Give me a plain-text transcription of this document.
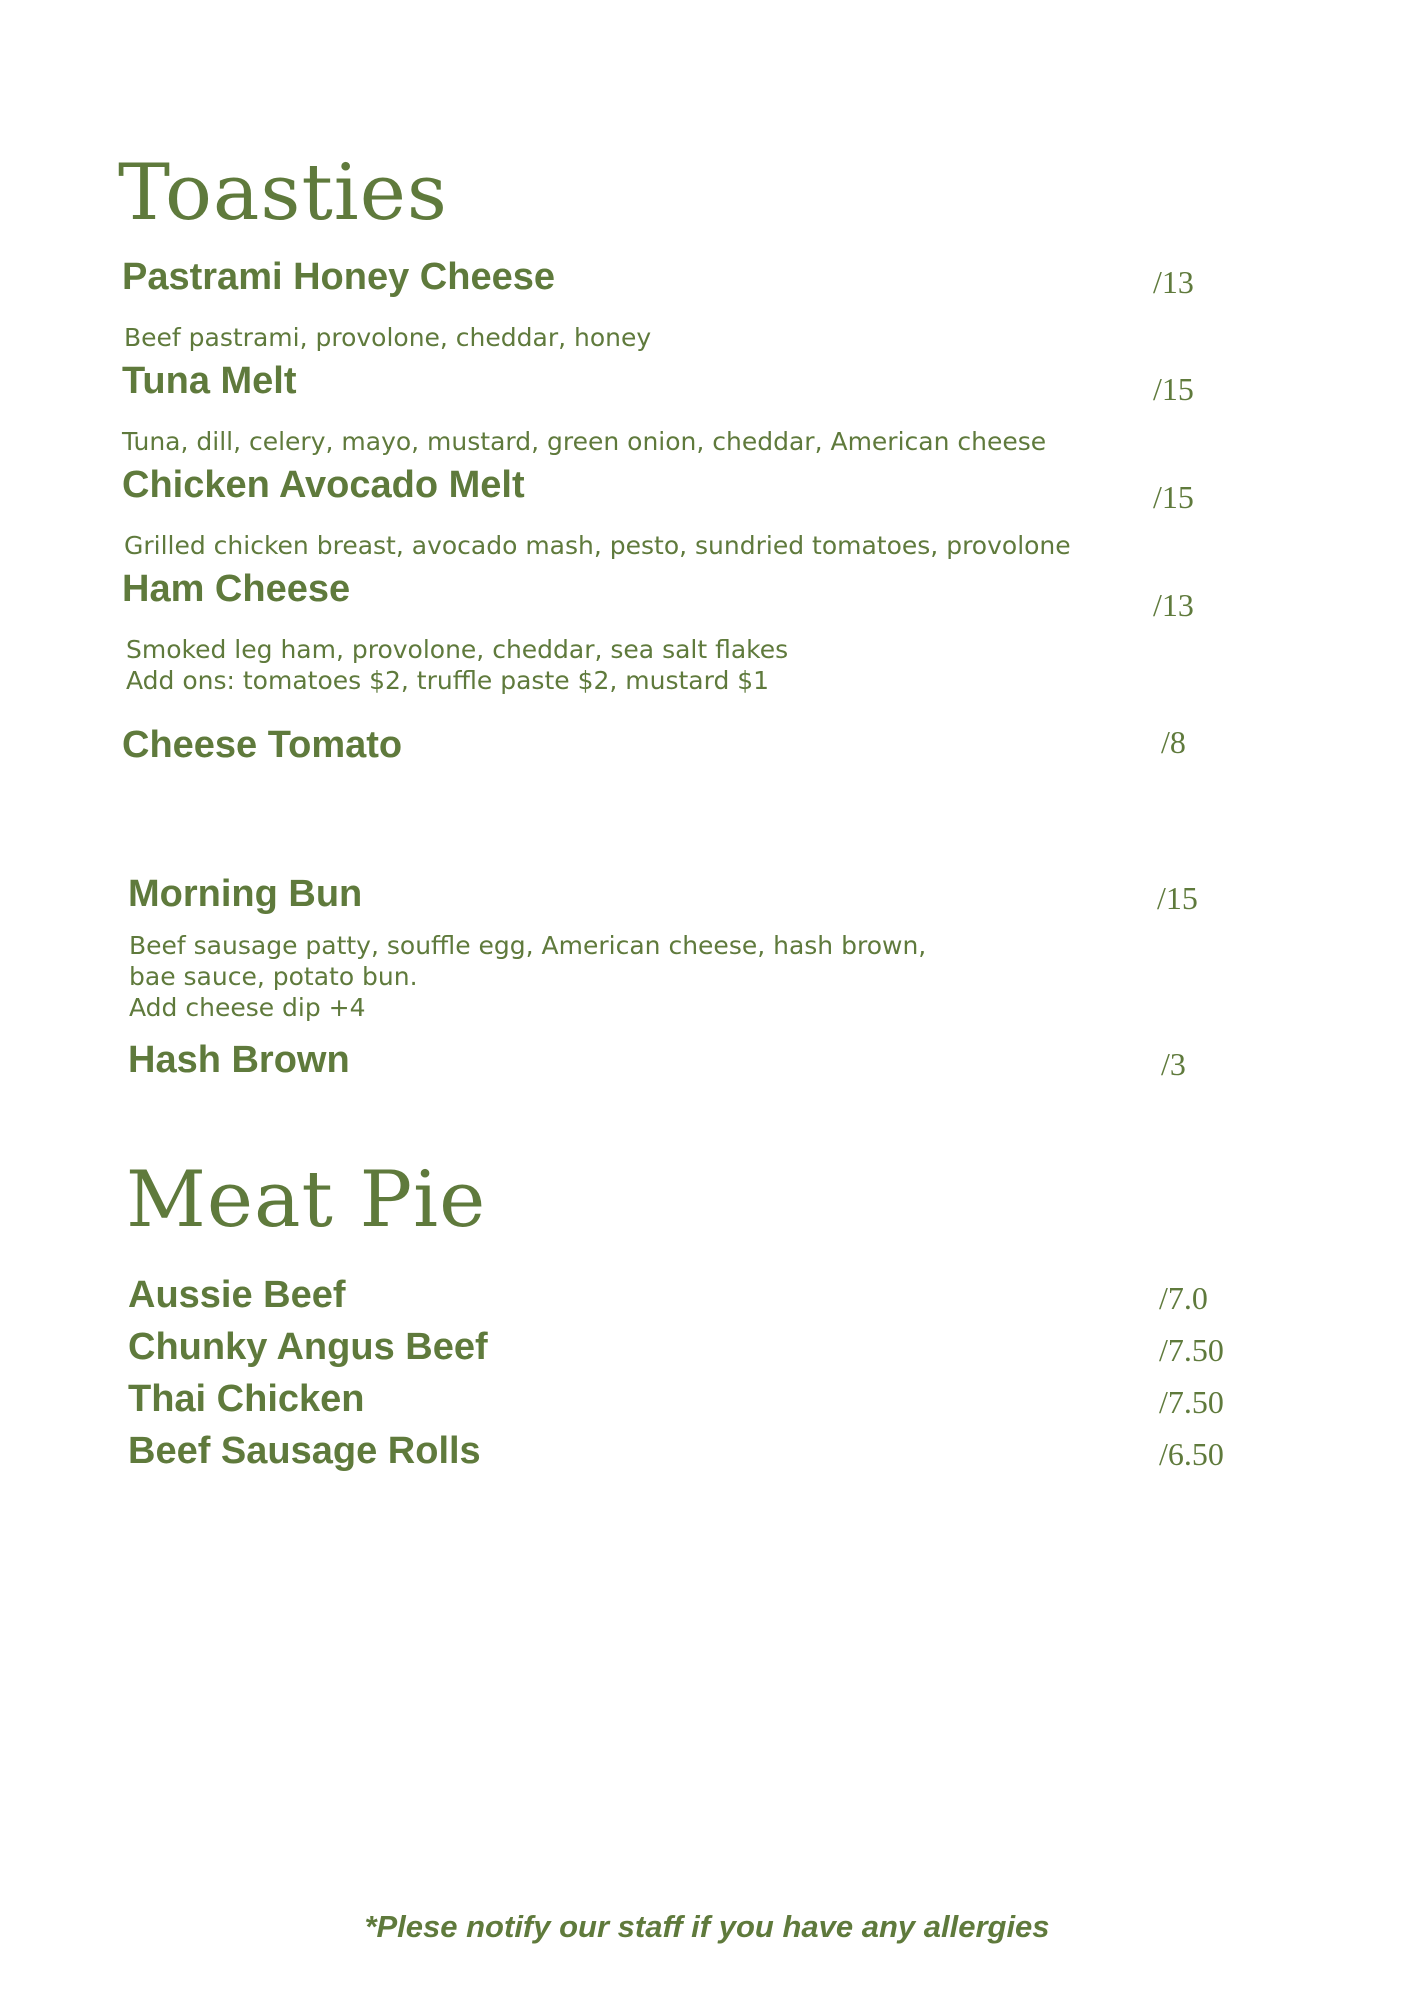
Toasties
Pastrami Honey Cheese	/13
Beef pastrami, provolone, cheddar, honey
Tuna Melt	/15
Tuna, dill, celery, mayo, mustard, green onion, cheddar, American cheese
Chicken Avocado Melt	/15
Grilled chicken breast, avocado mash, pesto, sundried tomatoes, provolone
Ham Cheese	/13
Smoked leg ham, provolone, cheddar, sea salt flakes
Add ons: tomatoes $2, truffle paste $2, mustard $1
Cheese Tomato	/8
Morning Bun	/15
Beef sausage patty, souffle egg, American cheese, hash brown,
bae sauce, potato bun.
Add cheese dip +4
Hash Brown	/3
Meat Pie
Aussie Beef	/7.0
Chunky Angus Beef	/7.50
Thai Chicken	/7.50
Beef Sausage Rolls	/6.50
*Plese notify our staff if you have any allergies
